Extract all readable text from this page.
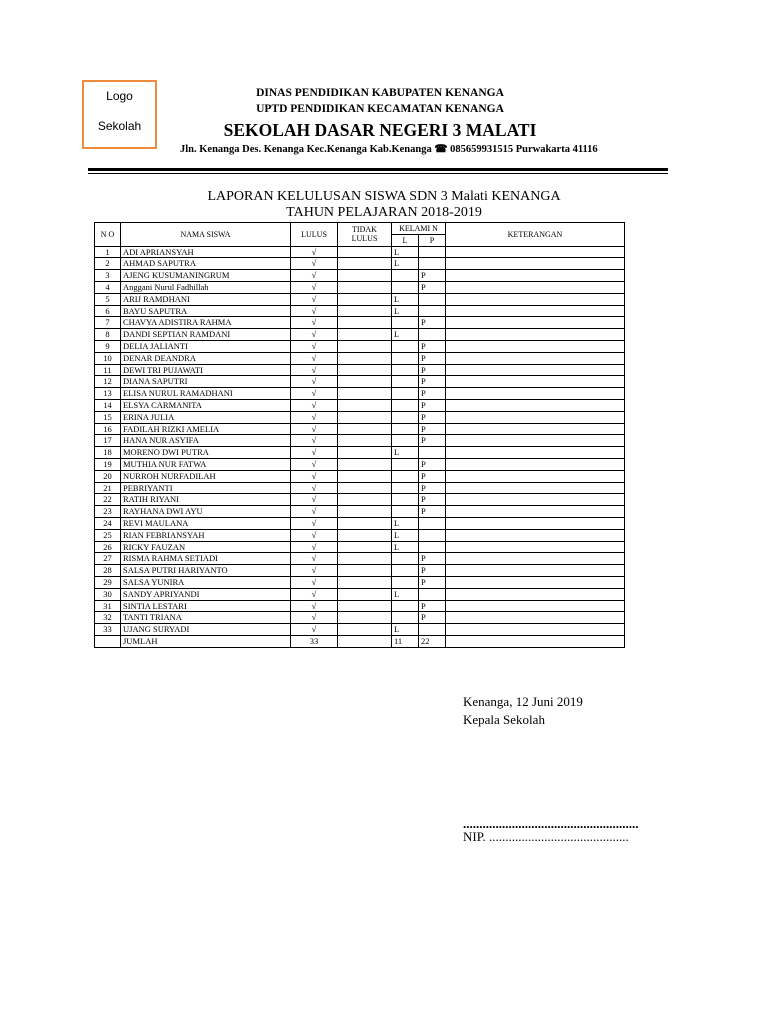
Logo
Sekolah
DINAS PENDIDIKAN KABUPATEN KENANGA
UPTD PENDIDIKAN KECAMATAN KENANGA
SEKOLAH DASAR NEGERI 3 MALATI
Jln. Kenanga Des. Kenanga Kec.Kenanga Kab.Kenanga ☎ 085659931515 Purwakarta 41116
LAPORAN KELULUSAN SISWA SDN 3 Malati KENANGA
TAHUN PELAJARAN 2018-2019
N O	NAMA SISWA	LULUS	TIDAK LULUS	KELAMI N		KETERANGAN
				L	P	
1	ADI APRIANSYAH	√		L		
2	AHMAD SAPUTRA	√		L		
3	AJENG KUSUMANINGRUM	√			P	
4	Anggani Nurul Fadhillah	√			P	
5	ARIJ RAMDHANI	√		L		
6	BAYU SAPUTRA	√		L		
7	CHAVYA ADISTIRA RAHMA	√			P	
8	DANDI SEPTIAN RAMDANI	√		L		
9	DELIA JALIANTI	√			P	
10	DENAR DEANDRA	√			P	
11	DEWI TRI PUJAWATI	√			P	
12	DIANA SAPUTRI	√			P	
13	ELISA NURUL RAMADHANI	√			P	
14	ELSYA CARMANITA	√			P	
15	ERINA JULIA	√			P	
16	FADILAH RIZKI AMELIA	√			P	
17	HANA NUR ASYIFA	√			P	
18	MORENO DWI PUTRA	√		L		
19	MUTHIA NUR FATWA	√			P	
20	NURROH NURFADILAH	√			P	
21	PEBRIYANTI	√			P	
22	RATIH RIYANI	√			P	
23	RAYHANA DWI AYU	√			P	
24	REVI MAULANA	√		L		
25	RIAN FEBRIANSYAH	√		L		
26	RICKY FAUZAN	√		L		
27	RISMA RAHMA SETIADI	√			P	
28	SALSA PUTRI HARIYANTO	√			P	
29	SALSA YUNIRA	√			P	
30	SANDY APRIYANDI	√		L		
31	SINTIA LESTARI	√			P	
32	TANTI TRIANA	√			P	
33	UJANG SURYADI	√		L		
	JUMLAH	33		11	22	
Kenanga, 12 Juni 2019
Kepala Sekolah
......................................................
NIP. ...........................................
